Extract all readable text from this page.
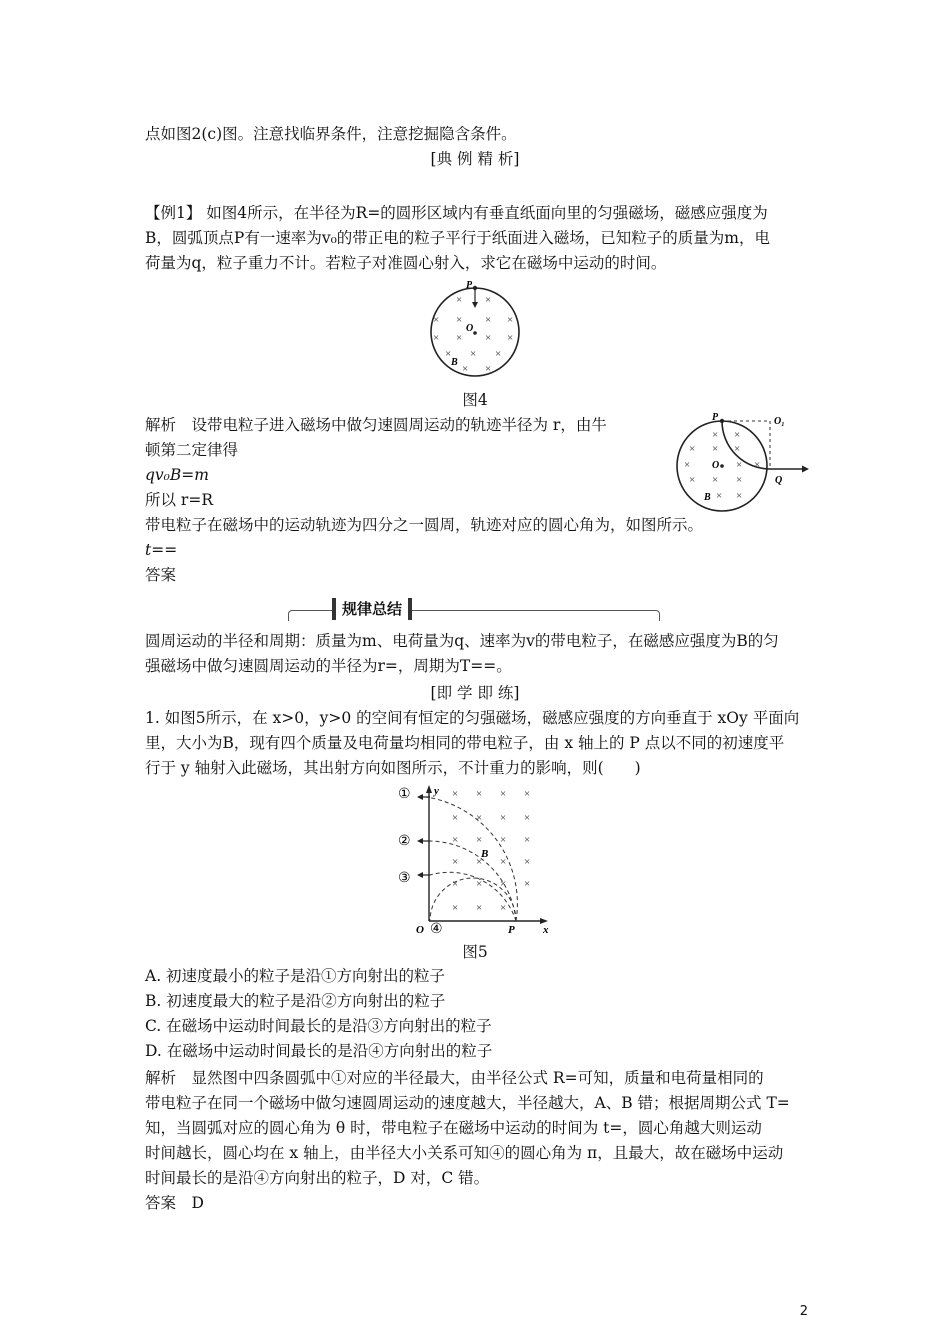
点如图2(c)图。注意找临界条件，注意挖掘隐含条件。
[典 例 精 析]
【例1】 如图4所示，在半径为R=的圆形区域内有垂直纸面向里的匀强磁场，磁感应强度为
B，圆弧顶点P有一速率为v₀的带正电的粒子平行于纸面进入磁场，已知粒子的质量为m，电
荷量为q，粒子重力不计。若粒子对准圆心射入，求它在磁场中运动的时间。
P
O
B
× ×
× × × ×
× × × ×
× × ×
× ×
图4
解析　设带电粒子进入磁场中做匀速圆周运动的轨迹半径为 r，由牛
顿第二定律得
qv₀B=m
所以 r=R
带电粒子在磁场中的运动轨迹为四分之一圆周，轨迹对应的圆心角为，如图所示。
t==
答案
P	O₁
O
Q
B
× ×
× × ×
×	× ×
× × ×
× ×
规律总结
圆周运动的半径和周期：质量为m、电荷量为q、速率为v的带电粒子，在磁感应强度为B的匀
强磁场中做匀速圆周运动的半径为r=，周期为T==。
[即 学 即 练]
1. 如图5所示，在 x>0，y>0 的空间有恒定的匀强磁场，磁感应强度的方向垂直于 xOy 平面向
里，大小为B，现有四个质量及电荷量均相同的带电粒子，由 x 轴上的 P 点以不同的初速度平
行于 y 轴射入此磁场，其出射方向如图所示，不计重力的影响，则(　　)
y
x
O	P
B
①
②
③
④
× × × ×
× × × ×
× × × ×
× × × ×
× × × ×
× × ×
图5
A. 初速度最小的粒子是沿①方向射出的粒子
B. 初速度最大的粒子是沿②方向射出的粒子
C. 在磁场中运动时间最长的是沿③方向射出的粒子
D. 在磁场中运动时间最长的是沿④方向射出的粒子
解析　显然图中四条圆弧中①对应的半径最大，由半径公式 R=可知，质量和电荷量相同的
带电粒子在同一个磁场中做匀速圆周运动的速度越大，半径越大，A、B 错；根据周期公式 T=
知，当圆弧对应的圆心角为 θ 时，带电粒子在磁场中运动的时间为 t=，圆心角越大则运动
时间越长，圆心均在 x 轴上，由半径大小关系可知④的圆心角为 π，且最大，故在磁场中运动
时间最长的是沿④方向射出的粒子，D 对，C 错。
答案　D
2
